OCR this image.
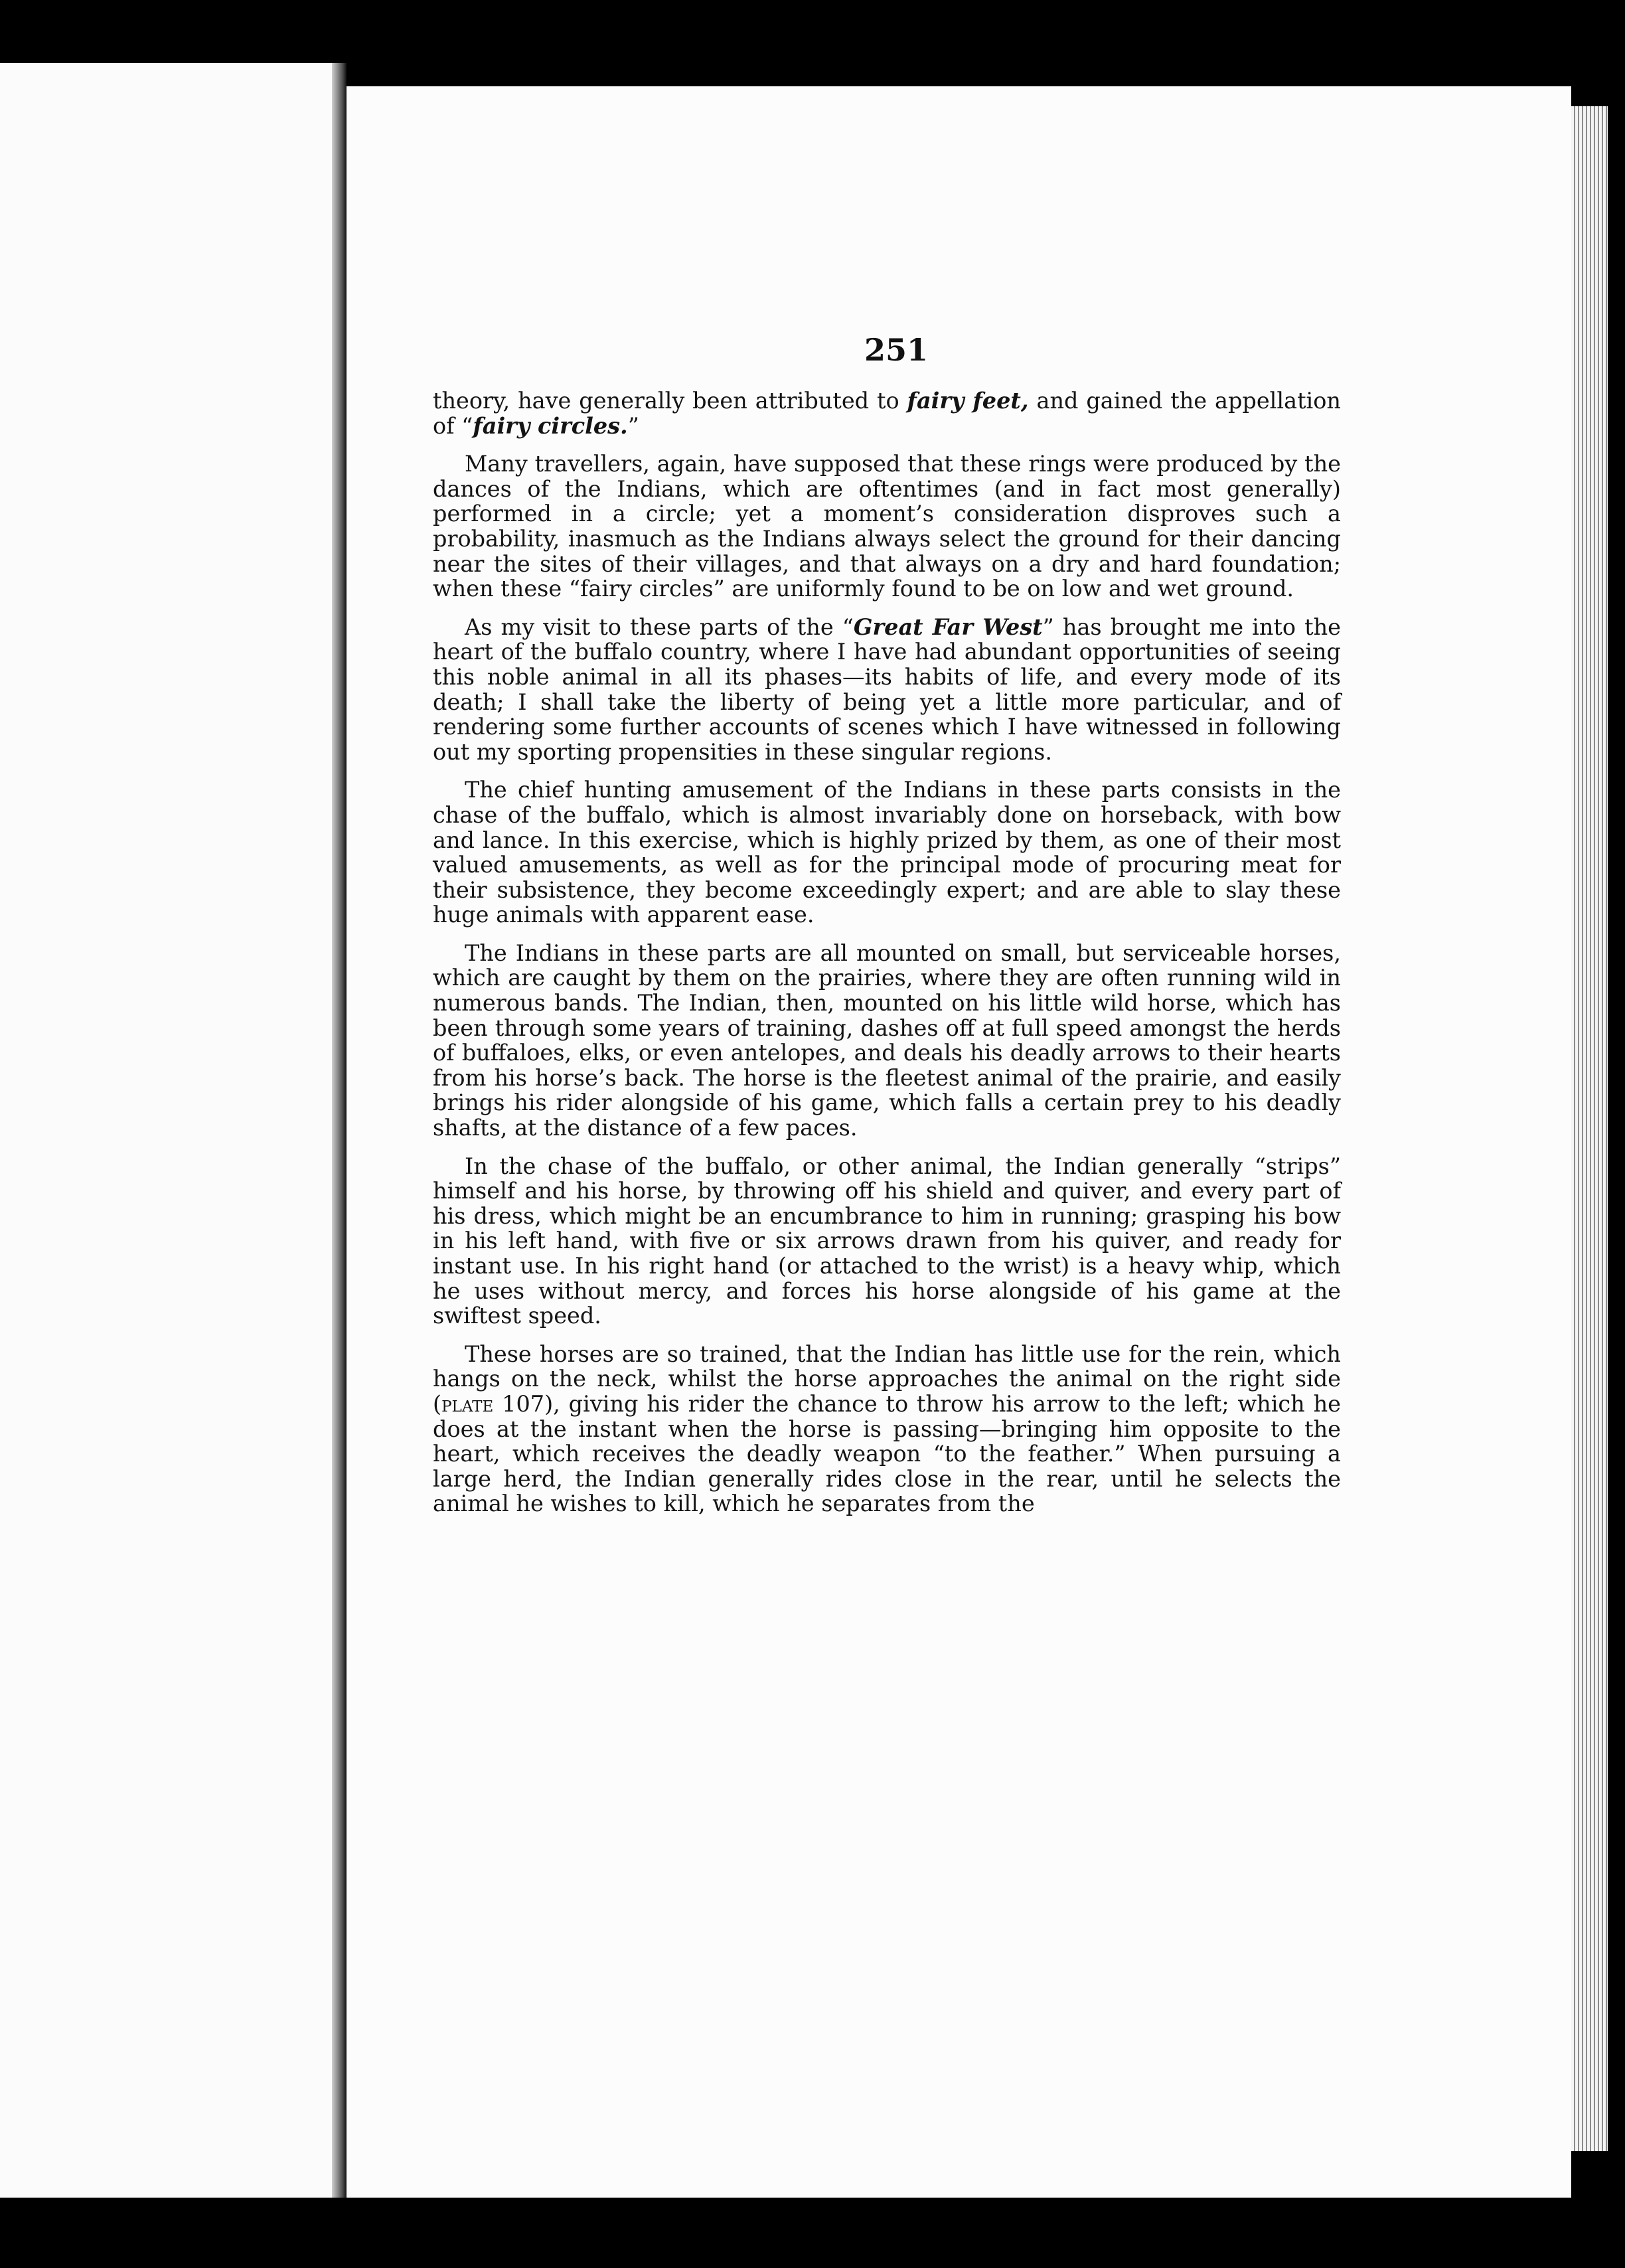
251

theory, have generally been attributed to fairy feet, and gained the appellation of “fairy circles.”

Many travellers, again, have supposed that these rings were produced by the dances of the Indians, which are oftentimes (and in fact most generally) performed in a circle; yet a moment’s consideration disproves such a probability, inasmuch as the Indians always select the ground for their dancing near the sites of their villages, and that always on a dry and hard foundation; when these “fairy circles” are uniformly found to be on low and wet ground.

As my visit to these parts of the “Great Far West” has brought me into the heart of the buffalo country, where I have had abundant opportunities of seeing this noble animal in all its phases—its habits of life, and every mode of its death; I shall take the liberty of being yet a little more particular, and of rendering some further accounts of scenes which I have witnessed in following out my sporting propensities in these singular regions.

The chief hunting amusement of the Indians in these parts consists in the chase of the buffalo, which is almost invariably done on horseback, with bow and lance. In this exercise, which is highly prized by them, as one of their most valued amusements, as well as for the principal mode of procuring meat for their subsistence, they become exceedingly expert; and are able to slay these huge animals with apparent ease.

The Indians in these parts are all mounted on small, but serviceable horses, which are caught by them on the prairies, where they are often running wild in numerous bands. The Indian, then, mounted on his little wild horse, which has been through some years of training, dashes off at full speed amongst the herds of buffaloes, elks, or even antelopes, and deals his deadly arrows to their hearts from his horse’s back. The horse is the fleetest animal of the prairie, and easily brings his rider alongside of his game, which falls a certain prey to his deadly shafts, at the distance of a few paces.

In the chase of the buffalo, or other animal, the Indian generally “strips” himself and his horse, by throwing off his shield and quiver, and every part of his dress, which might be an encumbrance to him in running; grasping his bow in his left hand, with five or six arrows drawn from his quiver, and ready for instant use. In his right hand (or attached to the wrist) is a heavy whip, which he uses without mercy, and forces his horse alongside of his game at the swiftest speed.

These horses are so trained, that the Indian has little use for the rein, which hangs on the neck, whilst the horse approaches the animal on the right side (plate 107), giving his rider the chance to throw his arrow to the left; which he does at the instant when the horse is passing—bringing him opposite to the heart, which receives the deadly weapon “to the feather.” When pursuing a large herd, the Indian generally rides close in the rear, until he selects the animal he wishes to kill, which he separates from the
